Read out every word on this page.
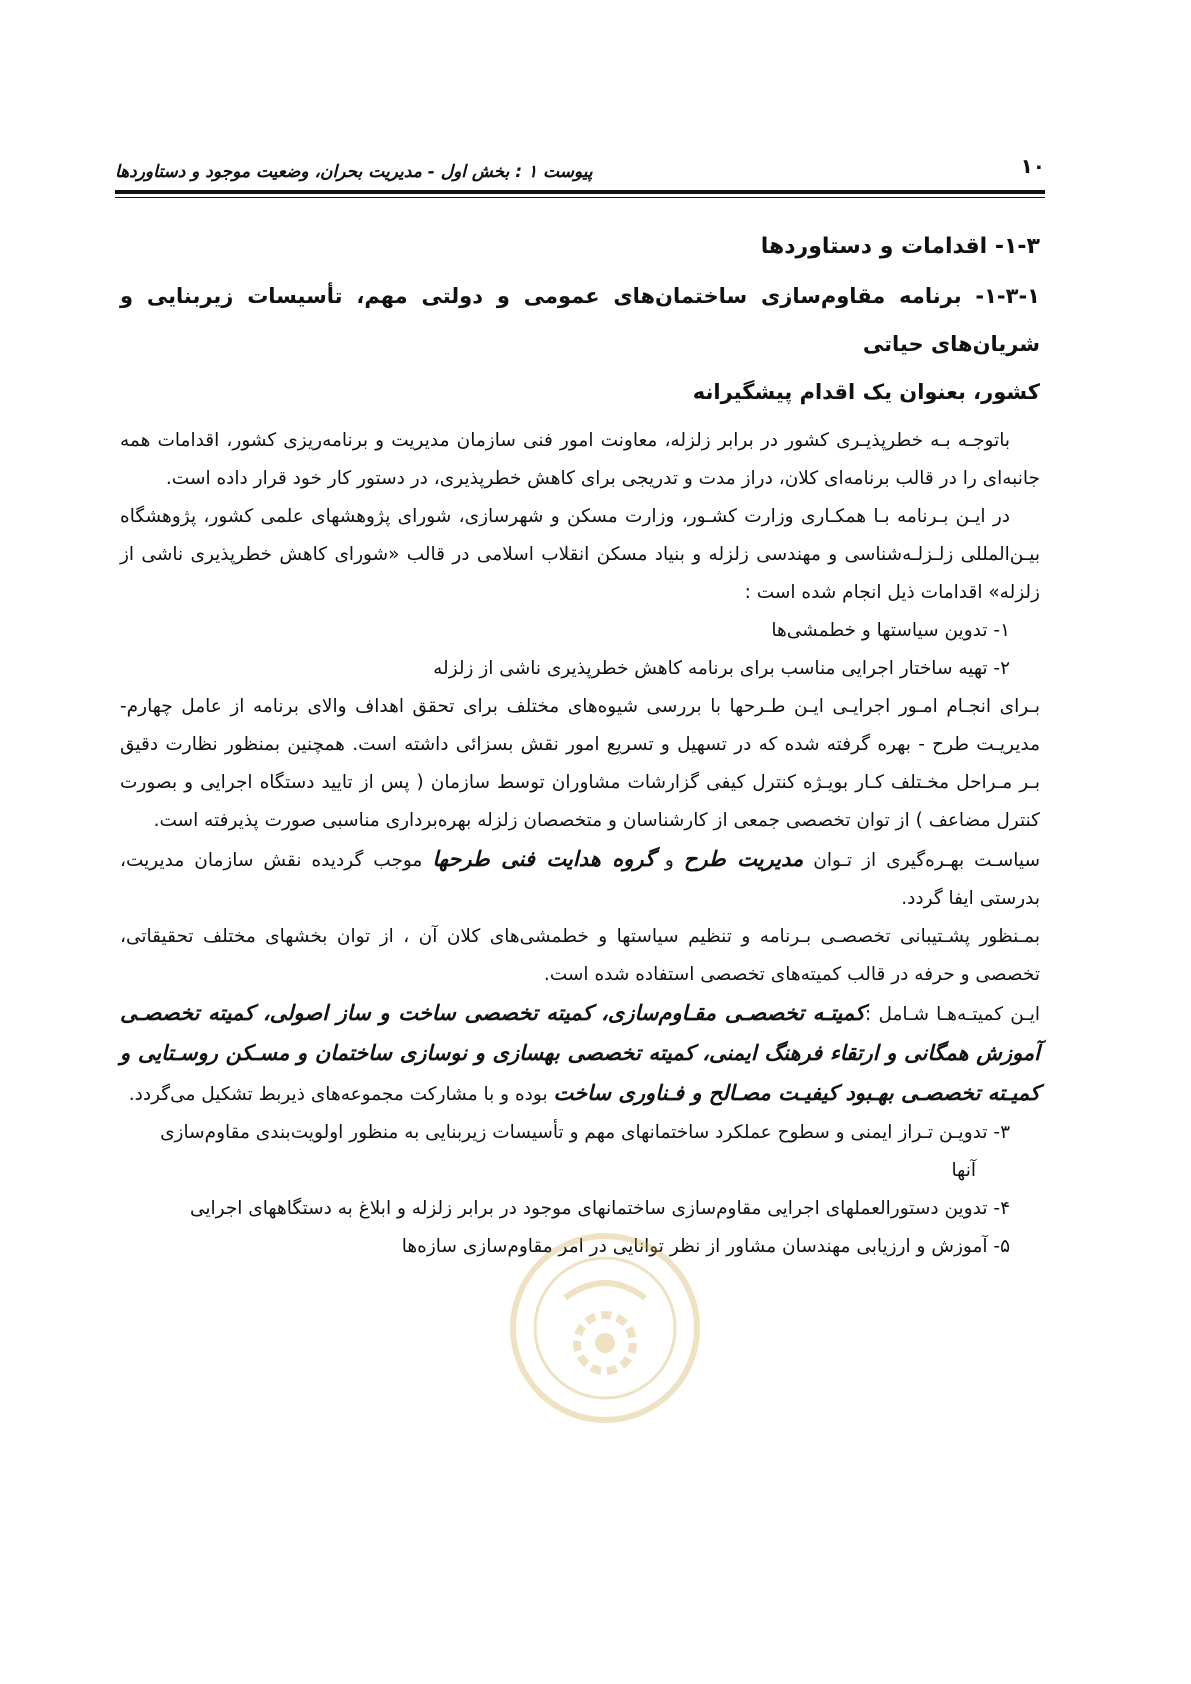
۱۰
پیوست ۱ : بخش اول - مدیریت بحران، وضعیت موجود و دستاوردها

۱-۳- اقدامات و دستاوردها

۱-۳-۱- برنامه مقاوم‌سازی ساختمان‌های عمومی و دولتی مهم، تأسیسات زیربنایی و شریان‌های حیاتی
کشور، بعنوان یک اقدام پیشگیرانه

باتوجـه بـه خطرپذیـری کشور در برابر زلزله، معاونت امور فنی سازمان مدیریت و برنامه‌ریزی کشور، اقدامات همه جانبه‌ای را در قالب برنامه‌ای کلان، دراز مدت و تدریجی برای کاهش خطرپذیری، در دستور کار خود قرار داده است.

در ایـن بـرنامه بـا همکـاری وزارت کشـور، وزارت مسکن و شهرسازی، شورای پژوهشهای علمی کشور، پژوهشگاه بیـن‌المللی زلـزلـه‌شناسی و مهندسی زلزله و بنیاد مسکن انقلاب اسلامی در قالب «شورای کاهش خطرپذیری ناشی از زلزله» اقدامات ذیل انجام شده است :

۱- تدوین سیاستها و خطمشی‌ها

۲- تهیه ساختار اجرایی مناسب برای برنامه کاهش خطرپذیری ناشی از زلزله

بـرای انجـام امـور اجرایـی ایـن طـرحها با بررسی شیوه‌های مختلف برای تحقق اهداف والای برنامه از عامل چهارم- مدیریـت طرح - بهره گرفته شده که در تسهیل و تسریع امور نقش بسزائی داشته است. همچنین بمنظور نظارت دقیق بـر مـراحل مخـتلف کـار بویـژه کنترل کیفی گزارشات مشاوران توسط سازمان ( پس از تایید دستگاه اجرایی و بصورت کنترل مضاعف ) از توان تخصصی جمعی از کارشناسان و متخصصان زلزله بهره‌برداری مناسبی صورت پذیرفته است.

سیاسـت بهـره‌گیری از تـوان مدیریت طرح و گروه هدایت فنی طرحها موجب گردیده نقش سازمان مدیریت، بدرستی ایفا گردد.

بمـنظور پشـتیبانی تخصصـی بـرنامه و تنظیم سیاستها و خطمشی‌های کلان آن ، از توان بخشهای مختلف تحقیقاتی، تخصصی و حرفه در قالب کمیته‌های تخصصی استفاده شده است.

ایـن کمیتـه‌هـا شـامل :کمیتـه تخصصـی مقـاوم‌سازی، کمیته تخصصی ساخت و ساز اصولی، کمیته تخصصـی آموزش همگانی و ارتقاء فرهنگ ایمنی، کمیته تخصصی بهسازی و نوسازی ساختمان و مسـکن روسـتایی و کمیـته تخصصـی بهـبود کیفیـت مصـالح و فـناوری ساخت بوده و با مشارکت مجموعه‌های ذیربط تشکیل می‌گردد.

۳- تدویـن تـراز ایمنی و سطوح عملکرد ساختمانهای مهم و تأسیسات زیربنایی به منظور اولویت‌بندی مقاوم‌سازی

آنها

۴- تدوین دستورالعملهای اجرایی مقاوم‌سازی ساختمانهای موجود در برابر زلزله و ابلاغ به دستگاههای اجرایی

۵- آموزش و ارزیابی مهندسان مشاور از نظر توانایی در امر مقاوم‌سازی سازه‌ها
